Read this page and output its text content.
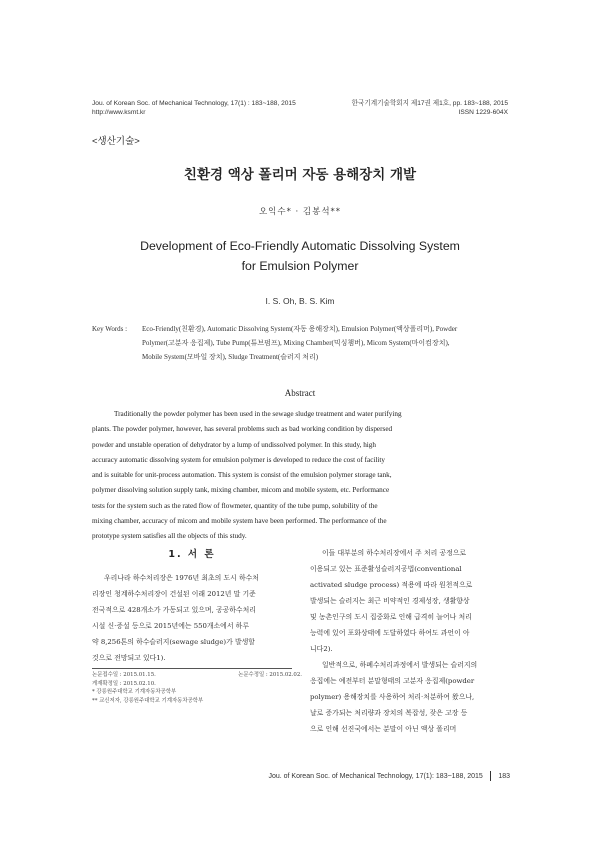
Jou. of Korean Soc. of Mechanical Technology, 17(1) : 183~188, 2015
http://www.ksmt.kr
한국기계기술학회지 제17권 제1호, pp. 183~188, 2015
ISSN 1229-604X
<생산기술>
친환경 액상 폴리머 자동 용해장치 개발
오익수* · 김봉석**
Development of Eco-Friendly Automatic Dissolving System
for Emulsion Polymer
I. S. Oh, B. S. Kim
Key Words : Eco-Friendly(친환경), Automatic Dissolving System(자동 용해장치), Emulsion Polymer(액상폴리머), Powder
Polymer(고분자 응집제), Tube Pump(튜브펌프), Mixing Chamber(믹싱챔버), Micom System(마이컴장치),
Mobile System(모바일 장치), Sludge Treatment(슬러지 처리)
Abstract

Traditionally the powder polymer has been used in the sewage sludge treatment and water purifying

plants. The powder polymer, however, has several problems such as bad working condition by dispersed

powder and unstable operation of dehydrator by a lump of undissolved polymer. In this study, high

accuracy automatic dissolving system for emulsion polymer is developed to reduce the cost of facility

and is suitable for unit-process automation. This system is consist of the emulsion polymer storage tank,

polymer dissolving solution supply tank, mixing chamber, micom and mobile system, etc. Performance

tests for the system such as the rated flow of flowmeter, quantity of the tube pump, solubility of the

mixing chamber, accuracy of micom and mobile system have been performed. The performance of the

prototype system satisfies all the objects of this study.

1. 서 론
우리나라 하수처리장은 1976년 최초의 도시 하수처
리장인 청계하수처리장이 건설된 이래 2012년 말 기준
전국적으로 428개소가 가동되고 있으며, 공공하수처리
시설 신·증설 등으로 2015년에는 550개소에서 하루
약 8,256톤의 하수슬러지(sewage sludge)가 발생할
것으로 전망되고 있다1).
논문접수일 : 2015.01.15.	논문수정일 : 2015.02.02.
게재확정일 : 2015.02.10.
* 강릉원주대학교 기계자동차공학부
** 교신저자, 강릉원주대학교 기계자동차공학부
이들 대부분의 하수처리장에서 주 처리 공정으로
이용되고 있는 표준활성슬러지공법(conventional
activated sludge process) 적용에 따라 원천적으로
발생되는 슬러지는 최근 비약적인 경제성장, 생활향상
및 농촌인구의 도시 집중화로 인해 급격히 늘어나 처리
능력에 있어 포화상태에 도달하였다 하여도 과언이 아
니다2).
일반적으로, 하폐수처리과정에서 발생되는 슬러지의
응집에는 예전부터 분말형태의 고분자 응집제(powder
polymer) 용해장치를 사용하여 처리·처분하여 왔으나,
날로 증가되는 처리량과 장치의 복잡성, 잦은 고장 등
으로 인해 선진국에서는 분말이 아닌 액상 폴리머
Jou. of Korean Soc. of Mechanical Technology, 17(1): 183~188, 2015 183
